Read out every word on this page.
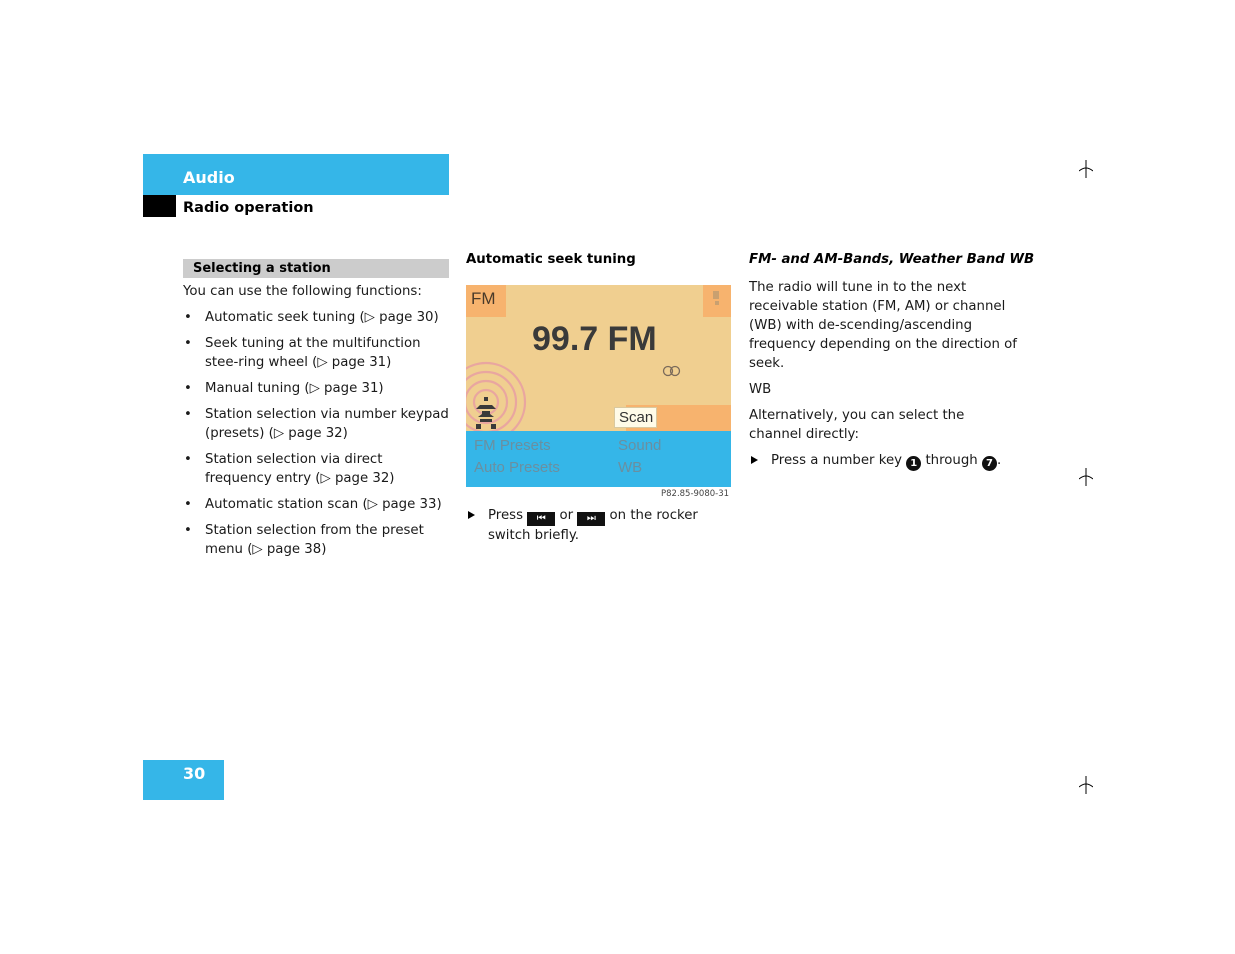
Audio
Radio operation
Selecting a station

You can use the following functions:

• Automatic seek tuning (▷ page 30)
• Seek tuning at the multifunction stee-ring wheel (▷ page 31)
• Manual tuning (▷ page 31)
• Station selection via number keypad (presets) (▷ page 32)
• Station selection via direct frequency entry (▷ page 32)
• Automatic station scan (▷ page 33)
• Station selection from the preset menu (▷ page 38)
Automatic seek tuning
FM
99.7 FM
Scan
FM Presets	Sound
Auto Presets	WB
P82.85-9080-31
Press ⏮ or ⏭ on the rocker switch briefly.
FM- and AM-Bands, Weather Band WB

The radio will tune in to the next receivable station (FM, AM) or channel (WB) with de-scending/ascending frequency depending on the direction of seek.

WB

Alternatively, you can select the channel directly:

Press a number key 1 through 7 .
30
